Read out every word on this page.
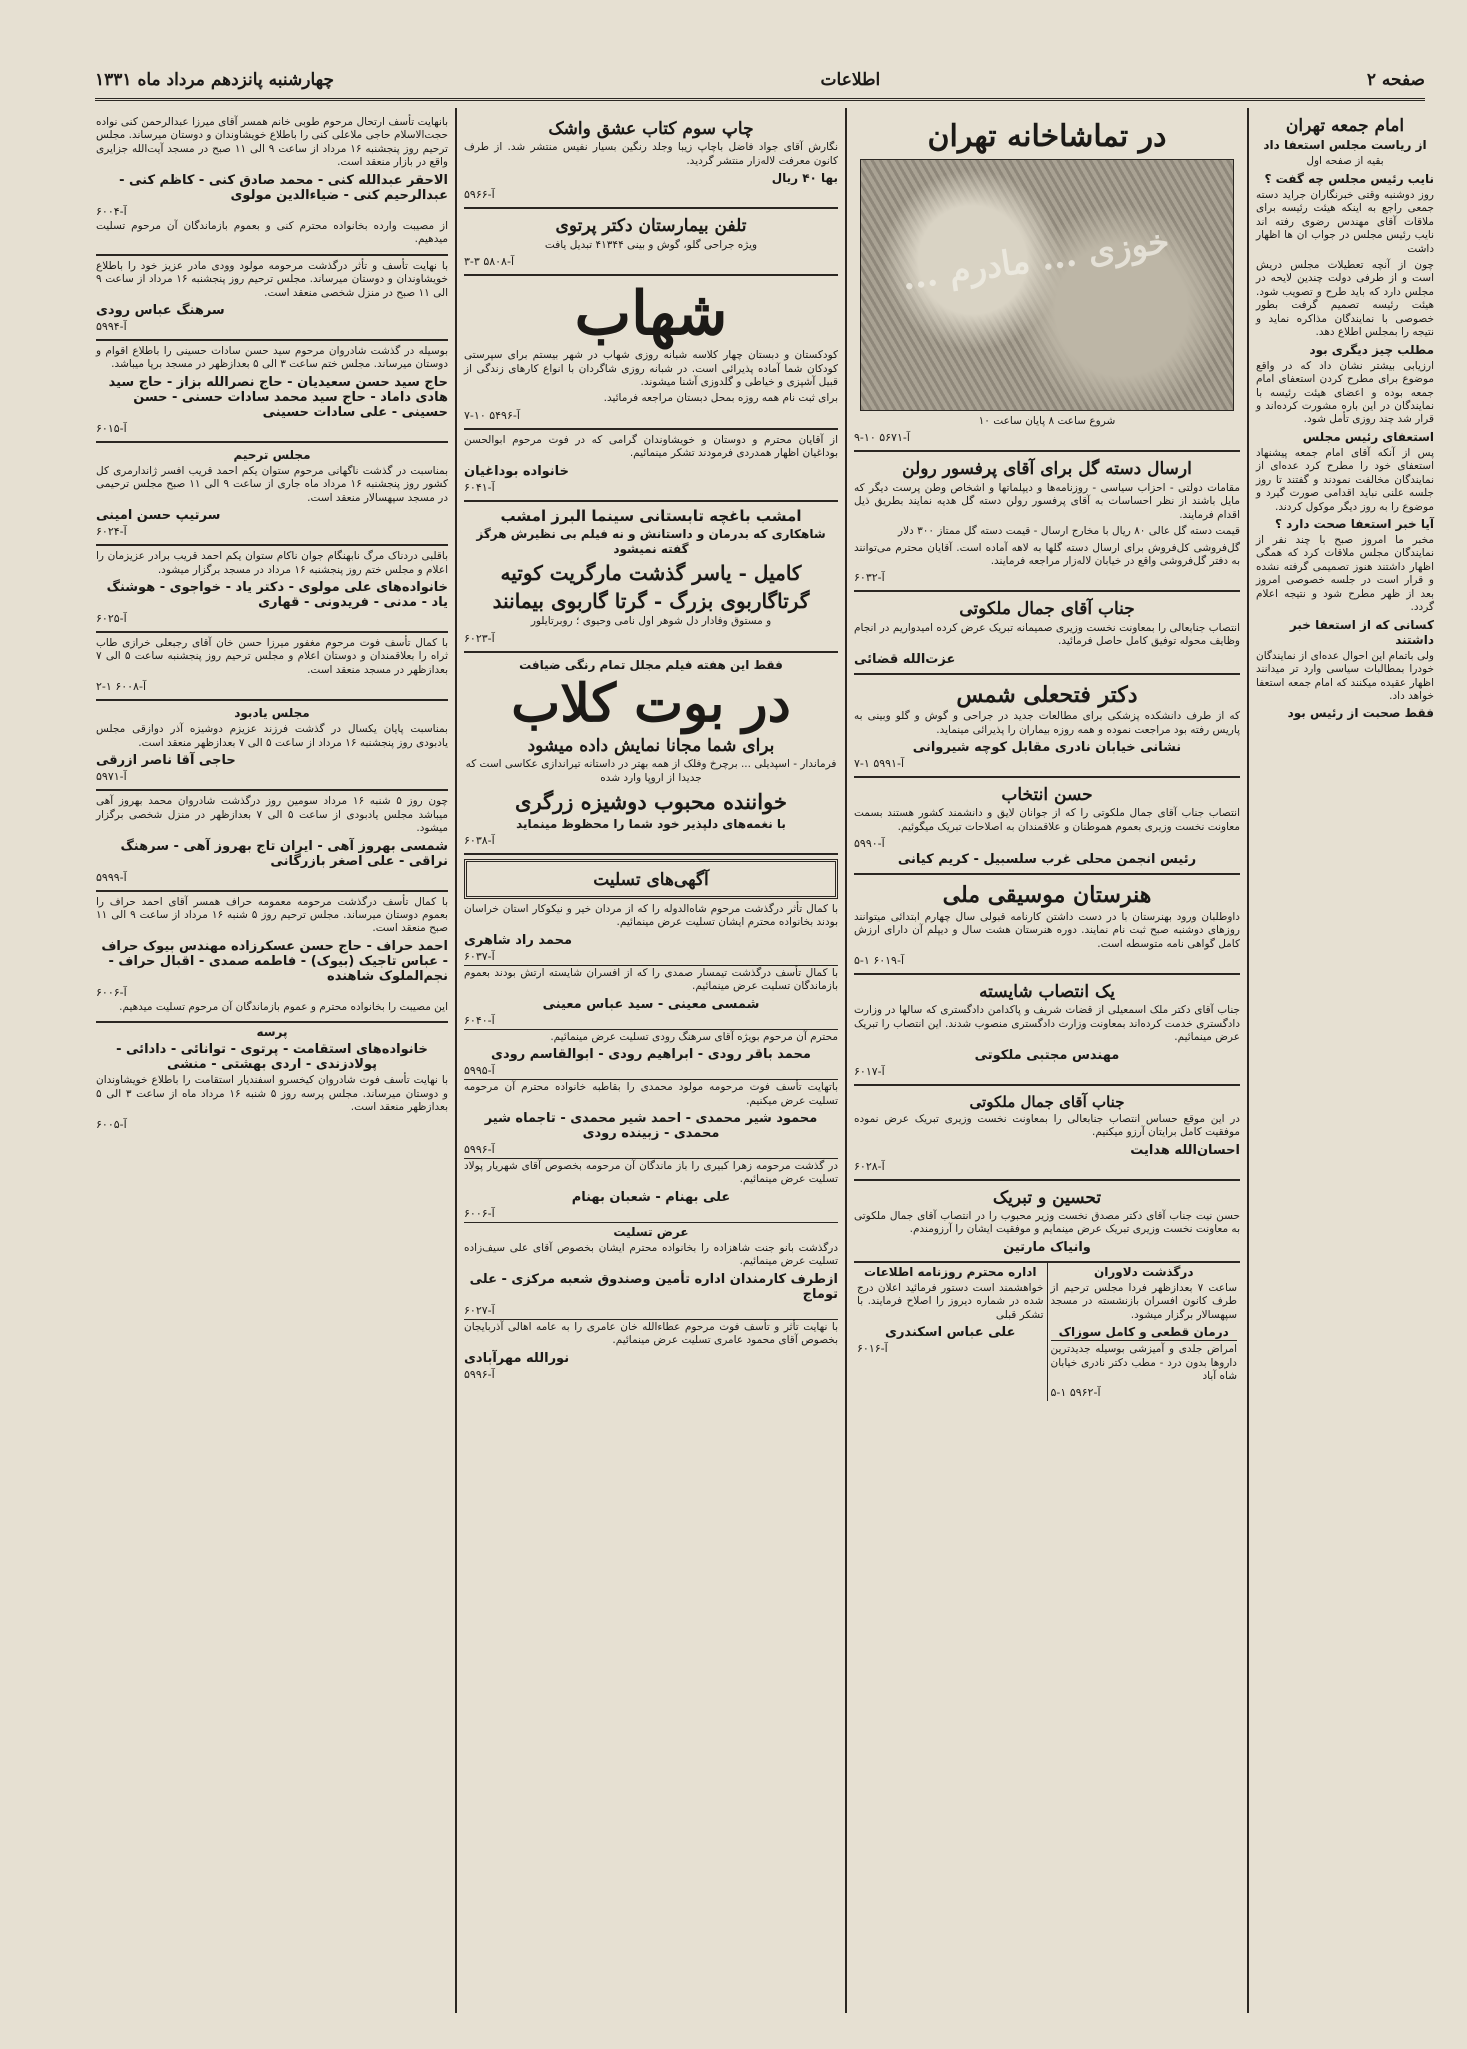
صفحه ۲
اطلاعات
چهارشنبه پانزدهم مرداد ماه ۱۳۳۱
امام جمعه تهران
از ریاست مجلس استعفا داد
بقیه از صفحه اول
نایب رئیس مجلس چه گفت ؟
روز دوشنبه وقتی خبرنگاران جراید دسته جمعی راجع به اینکه هیئت رئیسه برای ملاقات آقای مهندس رضوی رفته اند نایب رئیس مجلس در جواب ان ها اظهار داشت
چون از آنچه تعطیلات مجلس دریش است و از طرفی دولت چندین لایحه در مجلس دارد که باید طرح و تصویب شود. هیئت رئیسه تصمیم گرفت بطور خصوصی با نمایندگان مذاکره نماید و نتیجه را بمجلس اطلاع دهد.
مطلب چیز دیگری بود
ارزیابی بیشتر نشان داد که در واقع موضوع برای مطرح کردن استعفای امام جمعه بوده و اعضای هیئت رئیسه با نمایندگان در این باره مشورت کرده‌اند و قرار شد چند روزی تأمل شود.
استعفای رئیس مجلس
پس از آنکه آقای امام جمعه پیشنهاد استعفای خود را مطرح کرد عده‌ای از نمایندگان مخالفت نمودند و گفتند تا روز جلسه علنی نباید اقدامی صورت گیرد و موضوع را به روز دیگر موکول کردند.
آیا خبر استعفا صحت دارد ؟
مخبر ما امروز صبح با چند نفر از نمایندگان مجلس ملاقات کرد که همگی اظهار داشتند هنوز تصمیمی گرفته نشده و قرار است در جلسه خصوصی امروز بعد از ظهر مطرح شود و نتیجه اعلام گردد.
کسانی که از استعفا خبر داشتند
ولی باتمام این احوال عده‌ای از نمایندگان خودرا بمطالبات سیاسی وارد تر میدانند اظهار عقیده میکنند که امام جمعه استعفا خواهد داد.
فقط صحبت از رئیس بود
در تماشاخانه تهران
خوزی ... مادرم ...
شروع ساعت ۸ پایان ساعت ۱۰
آ-۵۶۷۱ ۱۰-۹
ارسال دسته گل برای آقای پرفسور رولن
مقامات دولتی - احزاب سیاسی - روزنامه‌ها و دیپلماتها و اشخاص وطن پرست دیگر که مایل باشند از نظر احساسات به آقای پرفسور رولن دسته گل هدیه نمایند بطریق ذیل اقدام فرمایند.
قیمت دسته گل عالی ۸۰ ریال با مخارج ارسال - قیمت دسته گل ممتاز ۳۰۰ دلار
گل‌فروشی کل‌فروش برای ارسال دسته گلها به لاهه آماده است. آقایان محترم می‌توانند به دفتر گل‌فروشی واقع در خیابان لاله‌زار مراجعه فرمایند.
آ-۶۰۳۲
جناب آقای جمال ملکوتی
انتصاب جنابعالی را بمعاونت نخست وزیری صمیمانه تبریک عرض کرده امیدواریم در انجام وظایف محوله توفیق کامل حاصل فرمائید.
عزت‌الله قضائی
دکتر فتحعلی شمس
که از طرف دانشکده پزشکی برای مطالعات جدید در جراحی و گوش و گلو وبینی به پاریس رفته بود مراجعت نموده و همه روزه بیماران را پذیرائی مینماید.
نشانی خیابان نادری مقابل کوچه شیروانی
آ-۵۹۹۱ ۱-۷
حسن انتخاب
انتصاب جناب آقای جمال ملکوتی را که از جوانان لایق و دانشمند کشور هستند بسمت معاونت نخست وزیری بعموم هموطنان و علاقمندان به اصلاحات تبریک میگوئیم.
آ-۵۹۹۰
رئیس انجمن محلی غرب سلسبیل - کریم کیانی
هنرستان موسیقی ملی
داوطلبان ورود بهنرستان با در دست داشتن کارنامه قبولی سال چهارم ابتدائی میتوانند روزهای دوشنبه صبح ثبت نام نمایند. دوره هنرستان هشت سال و دیپلم آن دارای ارزش کامل گواهی نامه متوسطه است.
آ-۶۰۱۹ ۱-۵
یک انتصاب شایسته
جناب آقای دکتر ملک اسمعیلی از قضات شریف و پاکدامن دادگستری که سالها در وزارت دادگستری خدمت کرده‌اند بمعاونت وزارت دادگستری منصوب شدند. این انتصاب را تبریک عرض مینمائیم.
مهندس مجتبی ملکوتی
آ-۶۰۱۷
جناب آقای جمال ملکوتی
در این موقع حساس انتصاب جنابعالی را بمعاونت نخست وزیری تبریک عرض نموده موفقیت کامل برایتان آرزو میکنیم.
احسان‌الله هدایت
آ-۶۰۲۸
تحسین و تبریک
حسن نیت جناب آقای دکتر مصدق نخست وزیر محبوب را در انتصاب آقای جمال ملکوتی به معاونت نخست وزیری تبریک عرض مینمایم و موفقیت ایشان را آرزومندم.
وانیاک مارتین
درگذشت دلاوران
ساعت ۷ بعدازظهر فردا مجلس ترحیم از طرف کانون افسران بازنشسته در مسجد سپهسالار برگزار میشود.
درمان قطعی و کامل سوزاک
امراض جلدی و آمیزشی بوسیله جدیدترین داروها بدون درد - مطب دکتر نادری خیابان شاه آباد
آ-۵۹۶۲ ۱-۵
اداره محترم روزنامه اطلاعات
خواهشمند است دستور فرمائید اعلان درج شده در شماره دیروز را اصلاح فرمایند. با تشکر قبلی
علی عباس اسکندری
آ-۶۰۱۶
چاپ سوم کتاب عشق واشک
نگارش آقای جواد فاضل باچاپ زیبا وجلد رنگین بسیار نفیس منتشر شد. از طرف کانون معرفت لاله‌زار منتشر گردید.
بها ۴۰ ریال
آ-۵۹۶۶
تلفن بیمارستان دکتر پرتوی
ویژه جراحی گلو، گوش و بینی ۴۱۳۴۴ تبدیل یافت
آ-۵۸۰۸ ۳-۳
شهاب
کودکستان و دبستان چهار کلاسه شبانه روزی شهاب در شهر بیستم برای سپرستی کودکان شما آماده پذیرائی است. در شبانه روزی شاگردان با انواع کارهای زندگی از قبیل آشپزی و خیاطی و گلدوزی آشنا میشوند.
برای ثبت نام همه روزه بمحل دبستان مراجعه فرمائید.
آ-۵۴۹۶ ۱۰-۷
از آقایان محترم و دوستان و خویشاوندان گرامی که در فوت مرحوم ابوالحسن بوداغیان اظهار همدردی فرمودند تشکر مینمائیم.
خانواده بوداغیان
آ-۶۰۴۱
امشب باغچه تابستانی سینما البرز امشب
شاهکاری که بدرمان و داستانش و نه فیلم بی نظیرش هرگز گفته نمیشود
کامیل - یاسر گذشت مارگریت کوتیه
گرتاگاربوی بزرگ - گرتا گاربوی بیمانند
و مستوق وفادار دل شوهر اول نامی وحیوی ؛ روبرتایلور
آ-۶۰۲۳
فقط این هفته فیلم مجلل تمام رنگی ضیافت
در بوت کلاب
برای شما مجانا نمایش داده میشود
فرماندار - اسپدیلی ... برچرخ وفلک از همه بهتر در داستانه تیراندازی عکاسی است که جدیدا از اروپا وارد شده
خواننده محبوب دوشیزه زرگری
با نغمه‌های دلپذیر خود شما را محظوظ مینماید
آ-۶۰۳۸
آگهی‌های تسلیت
با کمال تأثر درگذشت مرحوم شاه‌الدوله را که از مردان خیر و نیکوکار استان خراسان بودند بخانواده محترم ایشان تسلیت عرض مینمائیم.
محمد راد شاهری
آ-۶۰۳۷
با کمال تأسف درگذشت تیمسار صمدی را که از افسران شایسته ارتش بودند بعموم بازماندگان تسلیت عرض مینمائیم.
شمسی معینی - سید عباس معینی
آ-۶۰۴۰
محترم آن مرحوم بویژه آقای سرهنگ رودی تسلیت عرض مینمائیم.
محمد باقر رودی - ابراهیم رودی - ابوالقاسم رودی
آ-۵۹۹۵
باتهایت تأسف فوت مرحومه مولود محمدی را بقاطبه خانواده محترم آن مرحومه تسلیت عرض میکنیم.
محمود شیر محمدی - احمد شیر محمدی - تاجماه شیر محمدی - زبینده رودی
آ-۵۹۹۶
در گذشت مرحومه زهرا کبیری را باز ماندگان آن مرحومه بخصوص آقای شهریار پولاد تسلیت عرض مینمائیم.
علی بهنام - شعبان بهنام
آ-۶۰۰۶
عرض تسلیت
درگذشت بانو جنت شاهزاده را بخانواده محترم ایشان بخصوص آقای علی سیف‌زاده تسلیت عرض مینمائیم.
ازطرف کارمندان اداره تأمین وصندوق شعبه مرکزی - علی توماج
آ-۶۰۲۷
با نهایت تأثر و تأسف فوت مرحوم عطاءالله خان عامری را به عامه اهالی آذربایجان بخصوص آقای محمود عامری تسلیت عرض مینمائیم.
نورالله مهرآبادی
آ-۵۹۹۶
بانهایت تأسف ارتحال مرحوم طوبی خانم همسر آقای میرزا عبدالرحمن کنی نواده حجت‌الاسلام حاجی ملاعلی کنی را باطلاع خویشاوندان و دوستان میرساند. مجلس ترحیم روز پنجشنبه ۱۶ مرداد از ساعت ۹ الی ۱۱ صبح در مسجد آیت‌الله جزایری واقع در بازار منعقد است.
الاحقر عبدالله کنی - محمد صادق کنی - کاظم کنی - عبدالرحیم کنی - ضیاء‌الدین مولوی
آ-۶۰۰۴
از مصیبت وارده بخانواده محترم کنی و بعموم بازماندگان آن مرحوم تسلیت میدهیم.
با نهایت تأسف و تأثر درگذشت مرحومه مولود وودی مادر عزیز خود را باطلاع خویشاوندان و دوستان میرساند. مجلس ترحیم روز پنجشنبه ۱۶ مرداد از ساعت ۹ الی ۱۱ صبح در منزل شخصی منعقد است.
سرهنگ عباس رودی
آ-۵۹۹۴
بوسیله در گذشت شادروان مرحوم سید حسن سادات حسینی را باطلاع اقوام و دوستان میرساند. مجلس ختم ساعت ۳ الی ۵ بعدازظهر در مسجد برپا میباشد.
حاج سید حسن سعیدیان - حاج نصرالله بزاز - حاج سید هادی داماد - حاج سید محمد سادات حسنی - حسن حسینی - علی سادات حسینی
آ-۶۰۱۵
مجلس ترحیم
بمناسبت در گذشت ناگهانی مرحوم ستوان یکم احمد قریب افسر ژاندارمری کل کشور روز پنجشنبه ۱۶ مرداد ماه جاری از ساعت ۹ الی ۱۱ صبح مجلس ترحیمی در مسجد سپهسالار منعقد است.
سرتیپ حسن امینی
آ-۶۰۲۴
باقلبی دردناک مرگ نابهنگام جوان ناکام ستوان یکم احمد قریب برادر عزیزمان را اعلام و مجلس ختم روز پنجشنبه ۱۶ مرداد در مسجد برگزار میشود.
خانواده‌های علی مولوی - دکتر یاد - خواجوی - هوشنگ یاد - مدنی - فریدونی - قهاری
آ-۶۰۲۵
با کمال تأسف فوت مرحوم مغفور میرزا حسن خان آقای رجبعلی خرازی طاب ثراه را بعلاقمندان و دوستان اعلام و مجلس ترحیم روز پنجشنبه ساعت ۵ الی ۷ بعدازظهر در مسجد منعقد است.
آ-۶۰۰۸ ۱-۲
مجلس یادبود
بمناسبت پایان یکسال در گذشت فرزند عزیزم دوشیزه آذر دوازقی مجلس یادبودی روز پنجشنبه ۱۶ مرداد از ساعت ۵ الی ۷ بعدازظهر منعقد است.
حاجی آقا ناصر ازرقی
آ-۵۹۷۱
چون روز ۵ شنبه ۱۶ مرداد سومین روز درگذشت شادروان محمد بهروز آهی میباشد مجلس یادبودی از ساعت ۵ الی ۷ بعدازظهر در منزل شخصی برگزار میشود.
شمسی بهروز آهی - ایران تاج بهروز آهی - سرهنگ نراقی - علی اصغر بازرگانی
آ-۵۹۹۹
با کمال تأسف درگذشت مرحومه معمومه حراف همسر آقای احمد حراف را بعموم دوستان میرساند. مجلس ترحیم روز ۵ شنبه ۱۶ مرداد از ساعت ۹ الی ۱۱ صبح منعقد است.
احمد حراف - حاج حسن عسکرزاده مهندس بیوک حراف - عباس تاجیک (بیوک) - فاطمه صمدی - اقبال حراف - نجم‌الملوک شاهنده
آ-۶۰۰۶
این مصیبت را بخانواده محترم و عموم بازماندگان آن مرحوم تسلیت میدهیم.
پرسه
خانواده‌های استقامت - پرتوی - توانائی - دادائی - پولادزندی - اردی بهشتی - منشی
با نهایت تأسف فوت شادروان کیخسرو اسفندیار استقامت را باطلاع خویشاوندان و دوستان میرساند. مجلس پرسه روز ۵ شنبه ۱۶ مرداد ماه از ساعت ۳ الی ۵ بعدازظهر منعقد است.
آ-۶۰۰۵
